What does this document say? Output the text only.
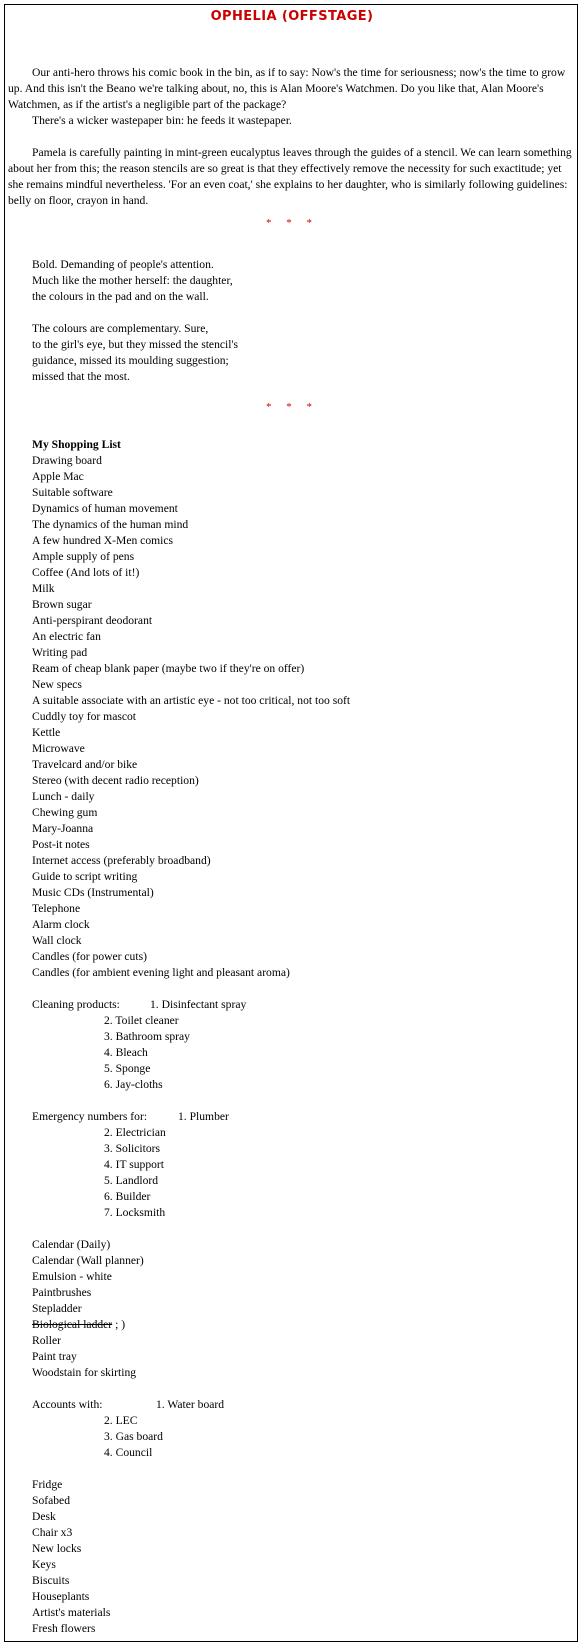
OPHELIA (OFFSTAGE)

Our anti-hero throws his comic book in the bin, as if to say: Now's the time for seriousness; now's the time to grow up. And this isn't the Beano we're talking about, no, this is Alan Moore's Watchmen. Do you like that, Alan Moore's Watchmen, as if the artist's a negligible part of the package?

There's a wicker wastepaper bin: he feeds it wastepaper.

Pamela is carefully painting in mint-green eucalyptus leaves through the guides of a stencil. We can learn something about her from this; the reason stencils are so great is that they effectively remove the necessity for such exactitude; yet she remains mindful nevertheless. 'For an even coat,' she explains to her daughter, who is similarly following guidelines: belly on floor, crayon in hand.

* * *
Bold. Demanding of people's attention.
Much like the mother herself: the daughter,
the colours in the pad and on the wall.
The colours are complementary. Sure,
to the girl's eye, but they missed the stencil's
guidance, missed its moulding suggestion;
missed that the most.
* * *
My Shopping List
Drawing board
Apple Mac
Suitable software
Dynamics of human movement
The dynamics of the human mind
A few hundred X-Men comics
Ample supply of pens
Coffee (And lots of it!)
Milk
Brown sugar
Anti-perspirant deodorant
An electric fan
Writing pad
Ream of cheap blank paper (maybe two if they're on offer)
New specs
A suitable associate with an artistic eye - not too critical, not too soft
Cuddly toy for mascot
Kettle
Microwave
Travelcard and/or bike
Stereo (with decent radio reception)
Lunch - daily
Chewing gum
Mary-Joanna
Post-it notes
Internet access (preferably broadband)
Guide to script writing
Music CDs (Instrumental)
Telephone
Alarm clock
Wall clock
Candles (for power cuts)
Candles (for ambient evening light and pleasant aroma)
Cleaning products:	1. Disinfectant spray
2. Toilet cleaner
3. Bathroom spray
4. Bleach
5. Sponge
6. Jay-cloths
Emergency numbers for:	1. Plumber
2. Electrician
3. Solicitors
4. IT support
5. Landlord
6. Builder
7. Locksmith
Calendar (Daily)
Calendar (Wall planner)
Emulsion - white
Paintbrushes
Stepladder
Biological ladder ; )
Roller
Paint tray
Woodstain for skirting
Accounts with:	1. Water board
2. LEC
3. Gas board
4. Council
Fridge
Sofabed
Desk
Chair x3
New locks
Keys
Biscuits
Houseplants
Artist's materials
Fresh flowers
